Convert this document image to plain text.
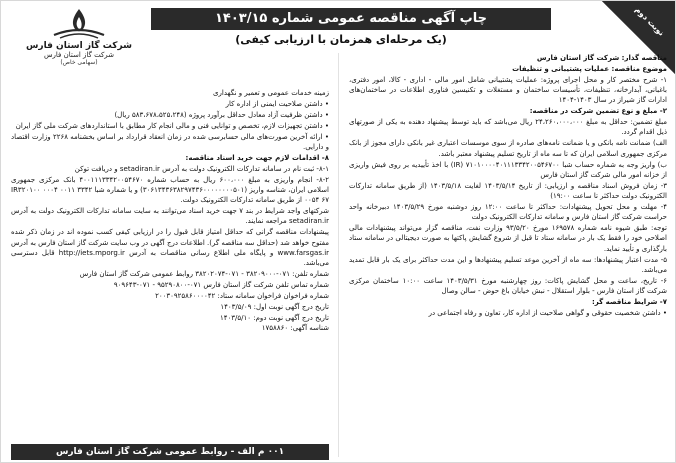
نوبت دوم
چاپ آگهی مناقصه عمومی شماره ۱۴۰۳/۱۵
(یک مرحله‌ای همزمان با ارزیابی کیفی)
شرکت گاز استان فارس
شرکت گاز استان فارس
(سهامی خاص)

مناقصه گذار: شرکت گاز استان فارس

موضوع مناقصه: عملیات پشتیبانی و تنظیفات

۱- شرح مختصر کار و محل اجرای پروژه: عملیات پشتیبانی شامل امور مالی - اداری - کالا، امور دفتری، باغبانی، آبدارخانه، تنظیفات، تأسیسات ساختمان و مستغلات و تکنیسین فناوری اطلاعات در ساختمان‌های ادارات گاز شیراز در سال ۱۴۰۳-۱۴۰۴

۲- مبلغ و نوع تضمین شرکت در مناقصه:

مبلغ تضمین: حداقل به مبلغ ۲۴،۲۶۰،۰۰۰،۰۰۰ ریال می‌باشد که باید توسط پیشنهاد دهنده به یکی از صورتهای ذیل اقدام گردد.

الف) ضمانت نامه بانکی و یا ضمانت نامه‌های صادره از سوی موسسات اعتباری غیر بانکی دارای مجوز از بانک مرکزی جمهوری اسلامی ایران که تا سه ماه از تاریخ تسلیم پیشنهاد معتبر باشد.

ب) واریز وجه به شماره حساب شبا IR) ۷۱۰۱۰۰۰۰۴۰۱۱۱۳۳۴۲۰۰۵۴۶۷۰۰) با اخذ تأییدیه بر روی فیش واریزی از خزانه امور مالی شرکت گاز استان فارس

۳- زمان فروش اسناد مناقصه و ارزیابی: از تاریخ ۱۴۰۳/۵/۱۴ لغایت ۱۴۰۳/۵/۱۸ (از طریق سامانه تدارکات الکترونیک دولت حداکثر تا ساعت ۱۹:۰۰)

۴- مهلت و محل تحویل پیشنهادات: حداکثر تا ساعت ۱۲:۰۰ روز دوشنبه مورخ ۱۴۰۳/۵/۲۹ دبیرخانه واحد حراست شرکت گاز استان فارس و سامانه تدارکات الکترونیک دولت

توجه: طبق شیوه نامه شماره ۱۶۹۵۷۸ مورخ ۹۳/۵/۲۰ وزارت نفت، مناقصه گزار می‌تواند پیشنهادات مالی اصلاحی خود را فقط یک بار در سامانه ستاد تا قبل از شروع گشایش پاکتها به صورت دیجیتالی در سامانه ستاد بارگذاری و تأیید نماید.

۵- مدت اعتبار پیشنهادها: سه ماه از آخرین موعد تسلیم پیشنهادها و این مدت حداکثر برای یک بار قابل تمدید می‌باشد.

۶- تاریخ، ساعت و محل گشایش پاکات: روز چهارشنبه مورخ ۱۴۰۳/۵/۳۱ ساعت ۱۰:۰۰ ساختمان مرکزی شرکت گاز استان فارس - بلوار استقلال - نبش خیابان باغ حوض - سالن وصال

۷- شرایط مناقصه گر:

• داشتن شخصیت حقوقی و گواهی صلاحیت از اداره کار، تعاون و رفاه اجتماعی در

زمینه خدمات عمومی و تعمیر و نگهداری

• داشتن صلاحیت ایمنی از اداره کار

• داشتن ظرفیت آزاد معادل حداقل برآورد پروژه (۵۸۳،۶۷۸،۵۲۵،۲۴۸ ریال)

• داشتن تجهیزات لازم، تخصص و توانایی فنی و مالی انجام کار مطابق با استانداردهای شرکت ملی گاز ایران

• ارائه آخرین صورت‌های مالی حسابرسی شده در زمان انعقاد قرارداد بر اساس بخشنامه ۲۲۶۸ وزارت اقتصاد و دارایی.

۸- اقدامات لازم جهت خرید اسناد مناقصه:

۸-۱- ثبت نام در سامانه تدارکات الکترونیک دولت به آدرس setadiran.ir و دریافت توکن

۸-۲- انجام واریزی به مبلغ ۶۰۰،۰۰۰ ریال به حساب شماره ۴۰۰۱۱۱۳۳۴۲۰۰۵۴۶۷۰ بانک مرکزی جمهوری اسلامی ایران، شناسه واریز (۳۰۶۱۳۴۳۶۳۸۲۹۷۴۳۶۰۰۰۰۰۰۰۰۵۰۱) و یا شماره شبا IR۳۲۰۱۰۰ ۰۰۰۴ ۰۰۱۱ ۳۳۴۲ ۰۰۵۴ ۶۷ از طریق سامانه تدارکات الکترونیک دولت.

شرکتهای واجد شرایط در بند ۷ جهت خرید اسناد می‌توانند به سایت سامانه تدارکات الکترونیک دولت به آدرس setadiran.ir مراجعه نمایند.

پیشنهادات مناقصه گرانی که حداقل امتیاز قابل قبول را در ارزیابی کیفی کسب نموده اند در زمان ذکر شده مفتوح خواهد شد (حداقل سه مناقصه گر). اطلاعات درج آگهی در وب سایت شرکت گاز استان فارس به آدرس www.farsgas.ir و پایگاه ملی اطلاع رسانی مناقصات به آدرس http://iets.mporg.ir قابل دسترسی می‌باشد.

شماره تلفن: ۰۷۱-۳۸۲۰۹۰۰۰ - ۰۷۱-۳۸۲۰۲۰۷۴ روابط عمومی شرکت گاز استان فارس

شماره تماس تلفن شرکت گاز استان فارس ۰۷۱-۹۵۲۹۰۸۰۰ - ۰۷۱-۹۰۹۶۴۳

شماره فراخوان فراخوان سامانه ستاد: ۲۰۰۳۰۹۲۵۸۶۰۰۰۰۴۲

تاریخ درج آگهی نوبت اول: ۱۴۰۳/۵/۰۹

تاریخ درج آگهی نوبت دوم: ۱۴۰۳/۵/۱۰

شناسه آگهی: ۱۷۵۸۸۶۰

۰۰۱ م الف - روابط عمومی شرکت گاز استان فارس
